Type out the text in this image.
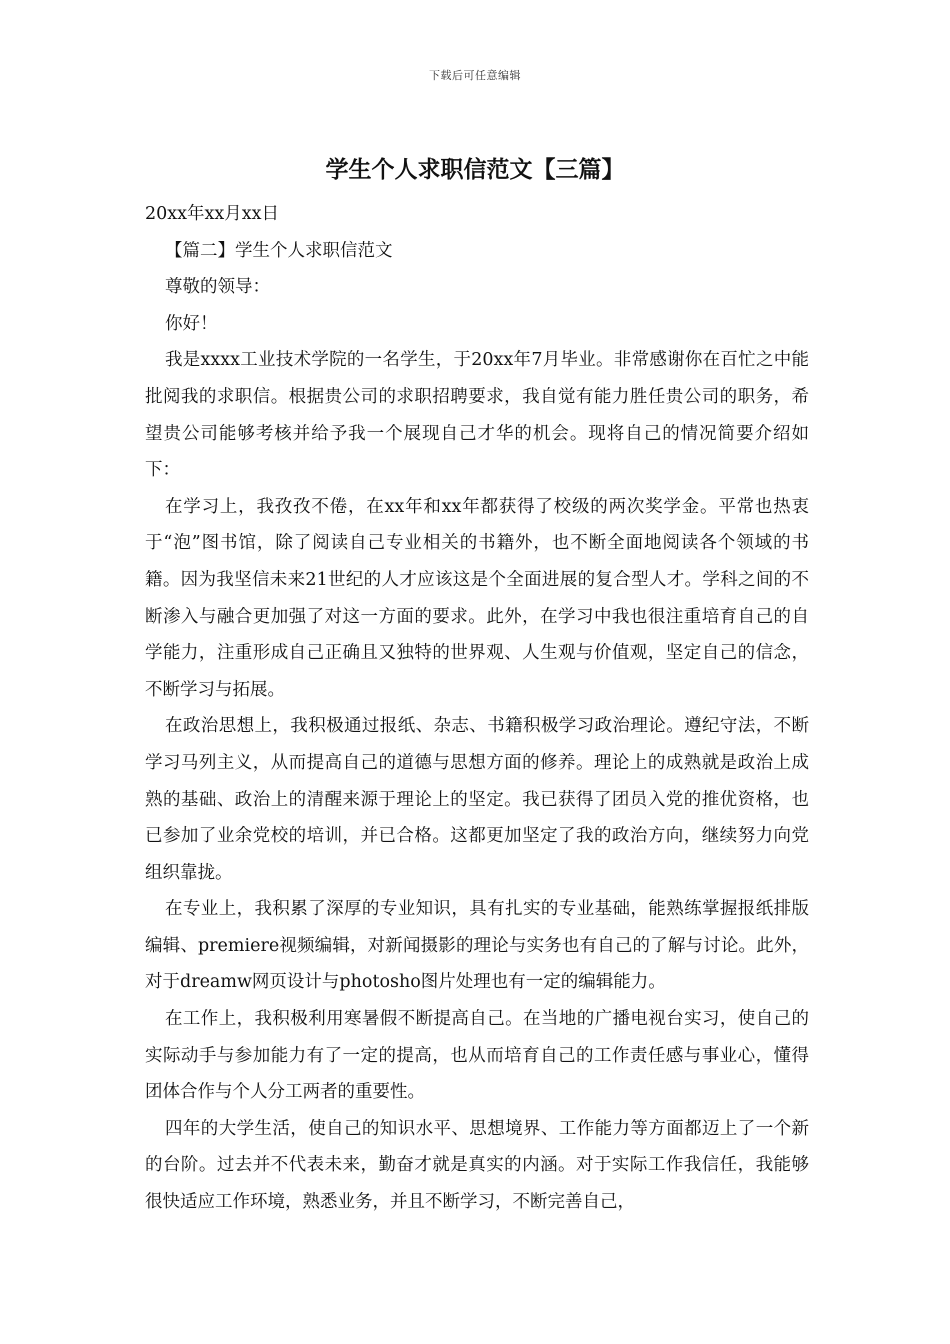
下载后可任意编辑
学生个人求职信范文【三篇】

20xx年xx月xx日

【篇二】学生个人求职信范文

尊敬的领导：

你好！

我是xxxx工业技术学院的一名学生，于20xx年7月毕业。非常感谢你在百忙之中能批阅我的求职信。根据贵公司的求职招聘要求，我自觉有能力胜任贵公司的职务，希望贵公司能够考核并给予我一个展现自己才华的机会。现将自己的情况简要介绍如下：

在学习上，我孜孜不倦，在xx年和xx年都获得了校级的两次奖学金。平常也热衷于“泡”图书馆，除了阅读自己专业相关的书籍外，也不断全面地阅读各个领域的书籍。因为我坚信未来21世纪的人才应该这是个全面进展的复合型人才。学科之间的不断渗入与融合更加强了对这一方面的要求。此外，在学习中我也很注重培育自己的自学能力，注重形成自己正确且又独特的世界观、人生观与价值观，坚定自己的信念，不断学习与拓展。

在政治思想上，我积极通过报纸、杂志、书籍积极学习政治理论。遵纪守法，不断学习马列主义，从而提高自己的道德与思想方面的修养。理论上的成熟就是政治上成熟的基础、政治上的清醒来源于理论上的坚定。我已获得了团员入党的推优资格，也已参加了业余党校的培训，并已合格。这都更加坚定了我的政治方向，继续努力向党组织靠拢。

在专业上，我积累了深厚的专业知识，具有扎实的专业基础，能熟练掌握报纸排版编辑、premiere视频编辑，对新闻摄影的理论与实务也有自己的了解与讨论。此外，对于dreamw网页设计与photosho图片处理也有一定的编辑能力。

在工作上，我积极利用寒暑假不断提高自己。在当地的广播电视台实习，使自己的实际动手与参加能力有了一定的提高，也从而培育自己的工作责任感与事业心，懂得团体合作与个人分工两者的重要性。

四年的大学生活，使自己的知识水平、思想境界、工作能力等方面都迈上了一个新的台阶。过去并不代表未来，勤奋才就是真实的内涵。对于实际工作我信任，我能够很快适应工作环境，熟悉业务，并且不断学习，不断完善自己，
